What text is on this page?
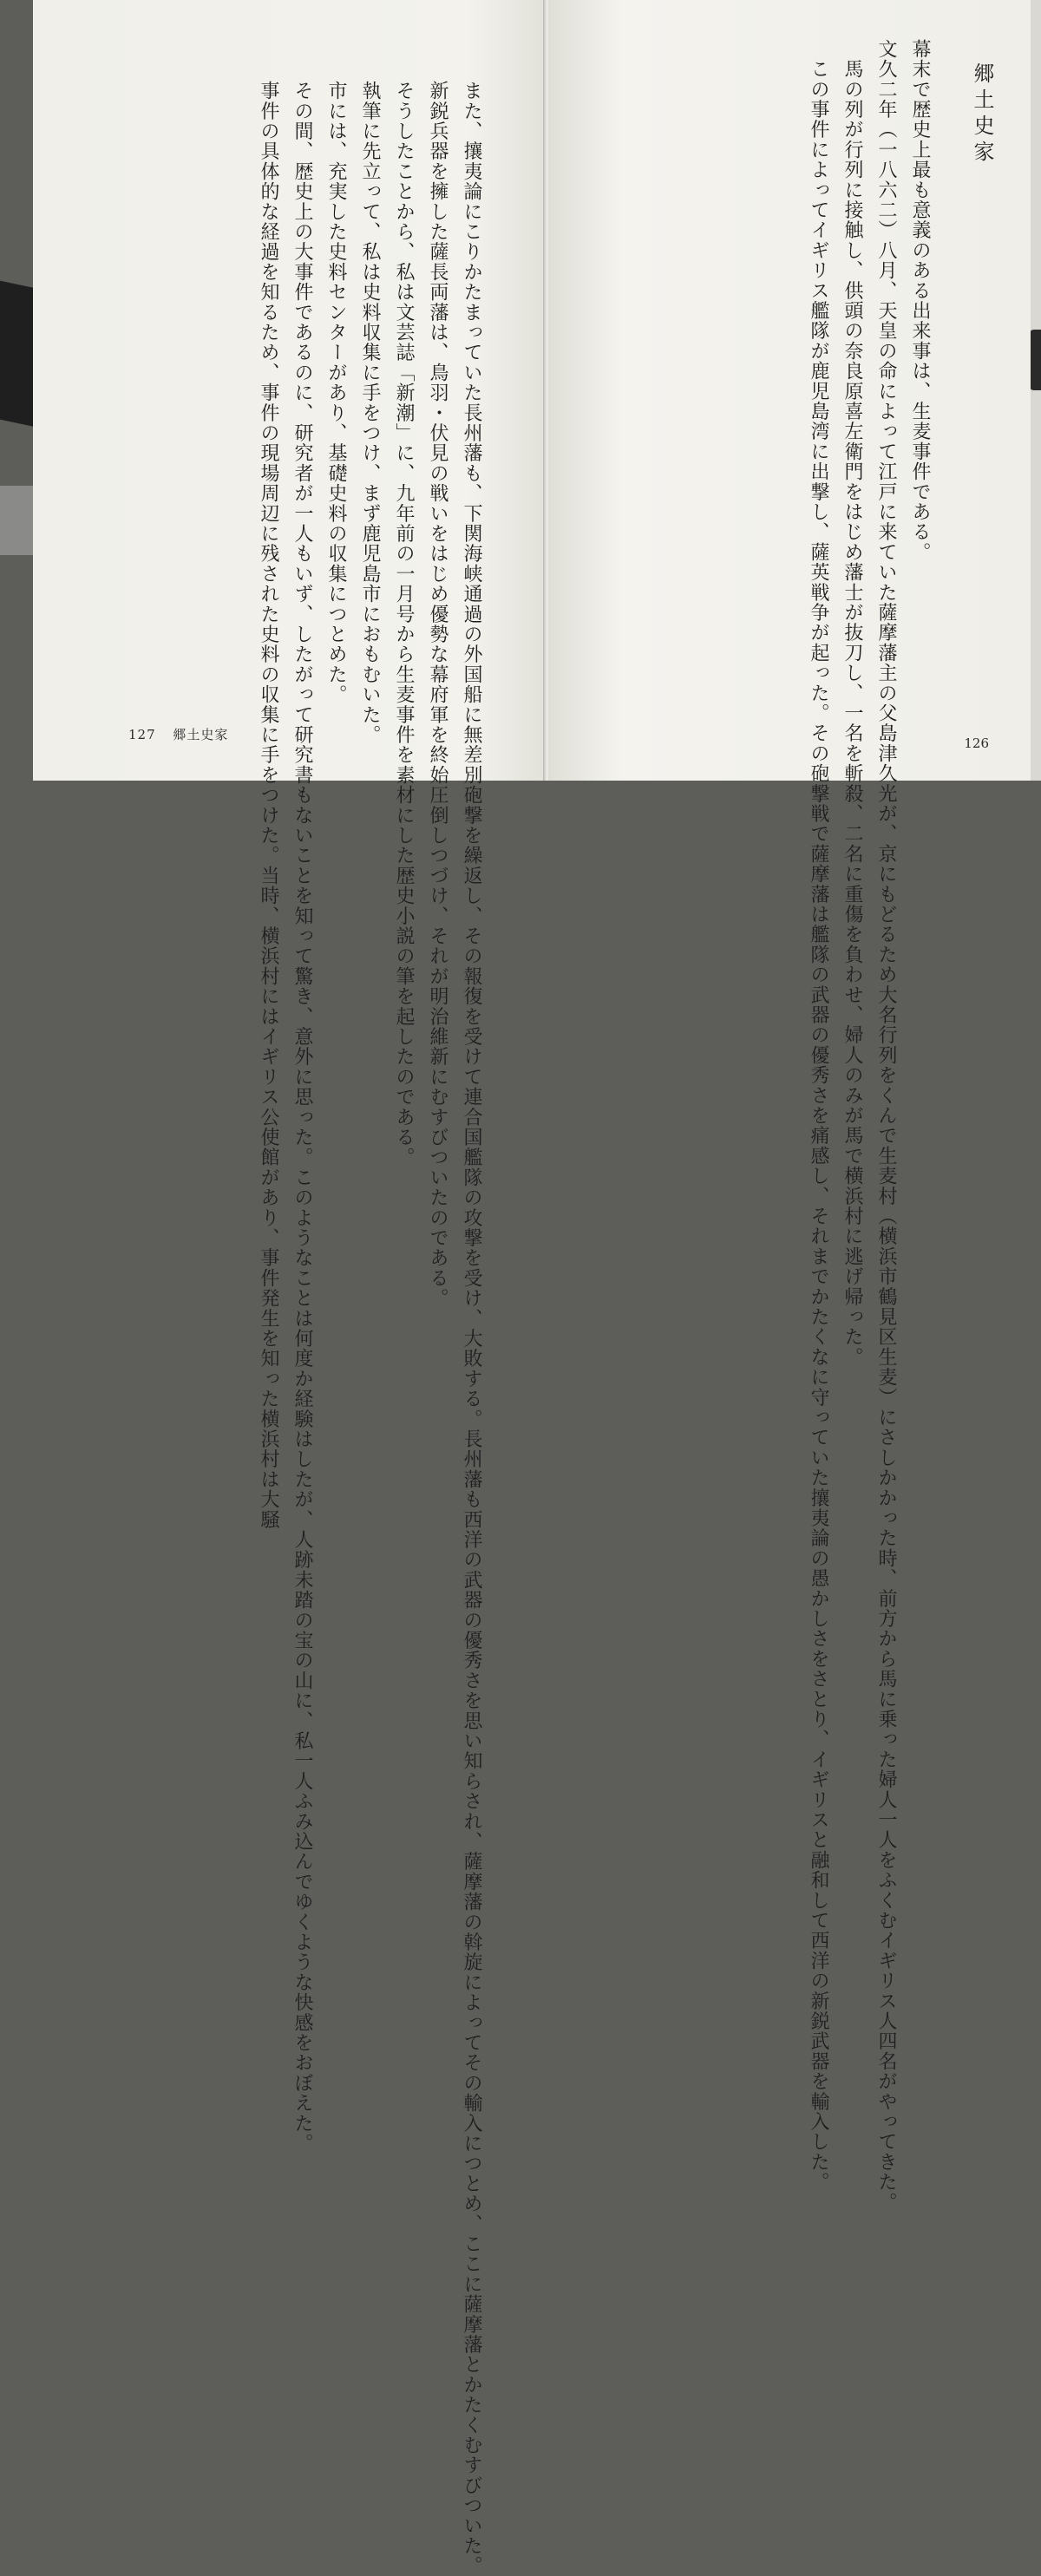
　また、攘夷論にこりかたまっていた長州藩も、下関海峡通過の外国船に無差別砲撃を繰返し、その報復を受けて連合国艦隊の攻撃を受け、大敗する。長州藩も西洋の武器の優秀さを思い知らされ、薩摩藩の斡旋によってその輸入につとめ、ここに薩摩藩とかたくむすびついた。
　新鋭兵器を擁した薩長両藩は、鳥羽・伏見の戦いをはじめ優勢な幕府軍を終始圧倒しつづけ、それが明治維新にむすびついたのである。
　そうしたことから、私は文芸誌「新潮」に、九年前の一月号から生麦事件を素材にした歴史小説の筆を起したのである。
　執筆に先立って、私は史料収集に手をつけ、まず鹿児島市におもむいた。
　市には、充実した史料センターがあり、基礎史料の収集につとめた。
　その間、歴史上の大事件であるのに、研究者が一人もいず、したがって研究書もないことを知って驚き、意外に思った。このようなことは何度か経験はしたが、人跡未踏の宝の山に、私一人ふみ込んでゆくような快感をおぼえた。
　事件の具体的な経過を知るため、事件の現場周辺に残された史料の収集に手をつけた。当時、横浜村にはイギリス公使館があり、事件発生を知った横浜村は大騒
127 郷土史家
郷土史家
幕末で歴史上最も意義のある出来事は、生麦事件である。
文久二年（一八六二）八月、天皇の命によって江戸に来ていた薩摩藩主の父島津久光が、京にもどるため大名行列をくんで生麦村（横浜市鶴見区生麦）にさしかかった時、前方から馬に乗った婦人一人をふくむイギリス人四名がやってきた。
　馬の列が行列に接触し、供頭の奈良原喜左衛門をはじめ藩士が抜刀し、一名を斬殺、二名に重傷を負わせ、婦人のみが馬で横浜村に逃げ帰った。
　この事件によってイギリス艦隊が鹿児島湾に出撃し、薩英戦争が起った。その砲撃戦で薩摩藩は艦隊の武器の優秀さを痛感し、それまでかたくなに守っていた攘夷論の愚かしさをさとり、イギリスと融和して西洋の新鋭武器を輸入した。	126
